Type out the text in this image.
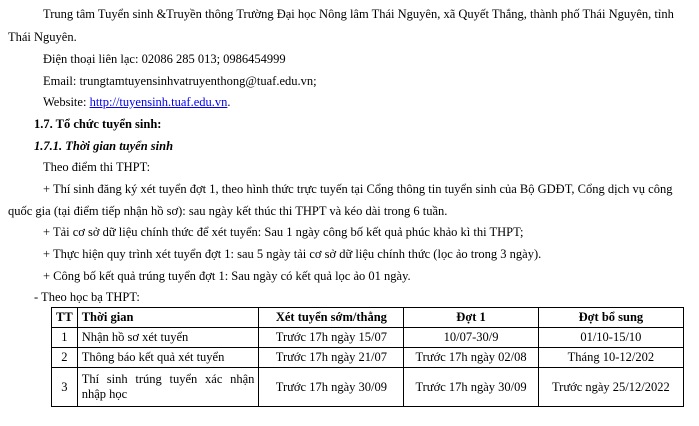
Trung tâm Tuyển sinh &Truyền thông Trường Đại học Nông lâm Thái Nguyên, xã Quyết Thắng, thành phố Thái Nguyên, tỉnh
Thái Nguyên.
Điện thoại liên lạc: 02086 285 013; 0986454999
Email: trungtamtuyensinhvatruyenthong@tuaf.edu.vn;
Website: http://tuyensinh.tuaf.edu.vn.
1.7. Tổ chức tuyển sinh:
1.7.1. Thời gian tuyển sinh
Theo điểm thi THPT:
+ Thí sinh đăng ký xét tuyển đợt 1, theo hình thức trực tuyến tại Cổng thông tin tuyển sinh của Bộ GDĐT, Cổng dịch vụ công
quốc gia (tại điểm tiếp nhận hồ sơ): sau ngày kết thúc thi THPT và kéo dài trong 6 tuần.
+ Tải cơ sở dữ liệu chính thức để xét tuyển: Sau 1 ngày công bố kết quả phúc khảo kì thi THPT;
+ Thực hiện quy trình xét tuyển đợt 1: sau 5 ngày tải cơ sở dữ liệu chính thức (lọc ảo trong 3 ngày).
+ Công bố kết quả trúng tuyển đợt 1: Sau ngày có kết quả lọc ảo 01 ngày.
- Theo học bạ THPT:
TT	Thời gian	Xét tuyển sớm/thẳng	Đợt 1	Đợt bổ sung
1	Nhận hồ sơ xét tuyển	Trước 17h ngày 15/07	10/07-30/9	01/10-15/10
2	Thông báo kết quả xét tuyển	Trước 17h ngày 21/07	Trước 17h ngày 02/08	Tháng 10-12/202
3	Thí sinh trúng tuyển xác nhận nhập học	Trước 17h ngày 30/09	Trước 17h ngày 30/09	Trước ngày 25/12/2022
